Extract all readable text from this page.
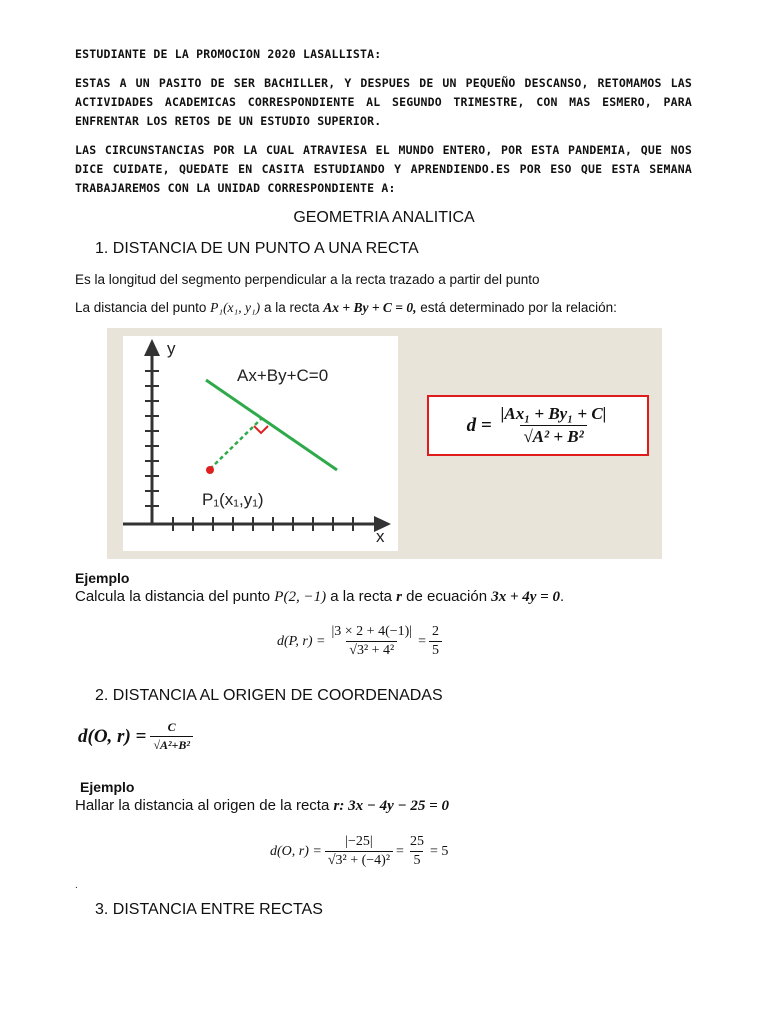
ESTUDIANTE DE LA PROMOCION 2020 LASALLISTA:
ESTAS A UN PASITO DE SER BACHILLER, Y DESPUES DE UN PEQUEÑO DESCANSO, RETOMAMOS LAS ACTIVIDADES ACADEMICAS CORRESPONDIENTE AL SEGUNDO TRIMESTRE, CON MAS ESMERO, PARA ENFRENTAR LOS RETOS DE UN ESTUDIO SUPERIOR.
LAS CIRCUNSTANCIAS POR LA CUAL ATRAVIESA EL MUNDO ENTERO, POR ESTA PANDEMIA, QUE NOS DICE CUIDATE, QUEDATE EN CASITA ESTUDIANDO Y APRENDIENDO.ES POR ESO QUE ESTA SEMANA TRABAJAREMOS CON LA UNIDAD CORRESPONDIENTE A:
GEOMETRIA ANALITICA
1. DISTANCIA DE UN PUNTO A UNA RECTA
Es la longitud del segmento perpendicular a la recta trazado a partir del punto
La distancia del punto P₁(x₁, y₁) a la recta Ax + By + C = 0, está determinado por la relación:
y
x
Ax+By+C=0
P₁(x₁,y₁)
$d = \frac{\text{|Ax₁ + By₁ + C|}}{\text{√A² + B²}}$
Ejemplo
Calcula la distancia del punto P(2, −1) a la recta r de ecuación 3x + 4y = 0.
d(P, $r) = \frac{|3 \times 2 + 4(-1)|}{\text{√3² + 4²}} = \frac{2}{5}$
2. DISTANCIA AL ORIGEN DE COORDENADAS
d(O, $r) = \frac{C}{\text{√A²+B²}}$
Ejemplo
Hallar la distancia al origen de la recta r: 3x − 4y − 25 = 0
d(O, $r) = \frac{|-25|}{\text{√3² + (−4)²}} = \frac{25}{5} = 5$
.
3. DISTANCIA ENTRE RECTAS
